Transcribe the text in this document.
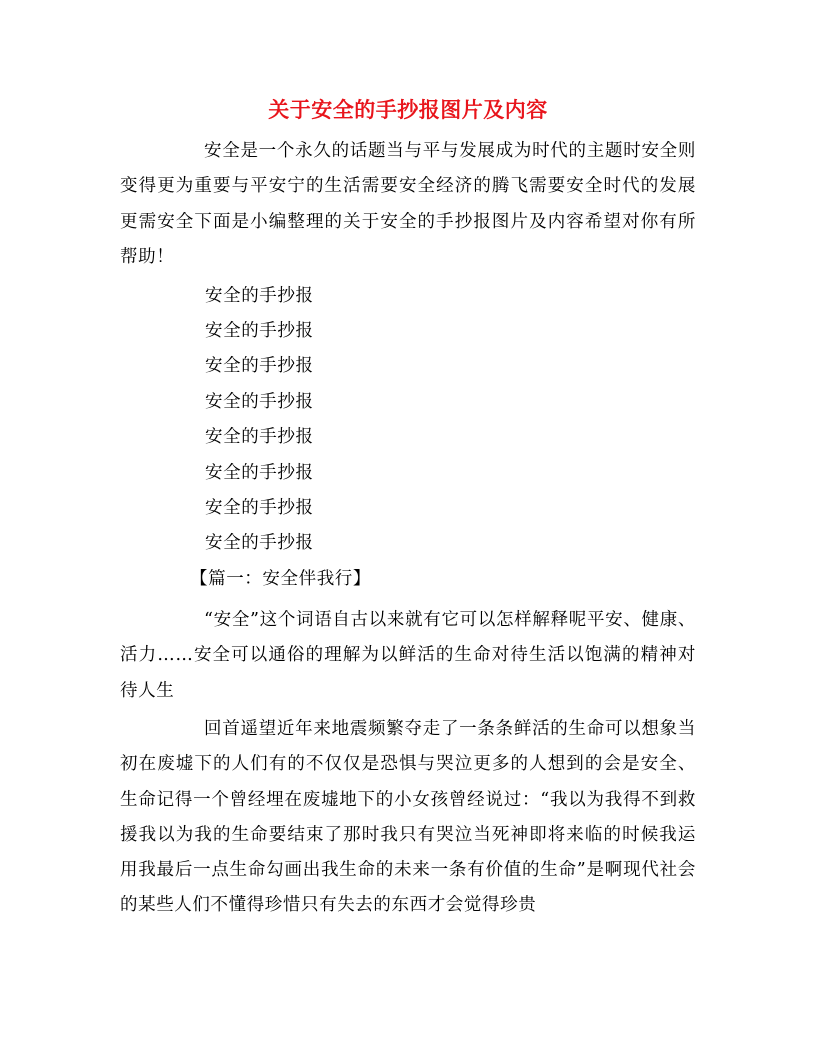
关于安全的手抄报图片及内容

安全是一个永久的话题当与平与发展成为时代的主题时安全则变得更为重要与平安宁的生活需要安全经济的腾飞需要安全时代的发展更需安全下面是小编整理的关于安全的手抄报图片及内容希望对你有所帮助！

安全的手抄报
安全的手抄报
安全的手抄报
安全的手抄报
安全的手抄报
安全的手抄报
安全的手抄报
安全的手抄报
【篇一：安全伴我行】

“安全”这个词语自古以来就有它可以怎样解释呢平安、健康、活力……安全可以通俗的理解为以鲜活的生命对待生活以饱满的精神对待人生

回首遥望近年来地震频繁夺走了一条条鲜活的生命可以想象当初在废墟下的人们有的不仅仅是恐惧与哭泣更多的人想到的会是安全、生命记得一个曾经埋在废墟地下的小女孩曾经说过：“我以为我得不到救援我以为我的生命要结束了那时我只有哭泣当死神即将来临的时候我运用我最后一点生命勾画出我生命的未来一条有价值的生命”是啊现代社会的某些人们不懂得珍惜只有失去的东西才会觉得珍贵
